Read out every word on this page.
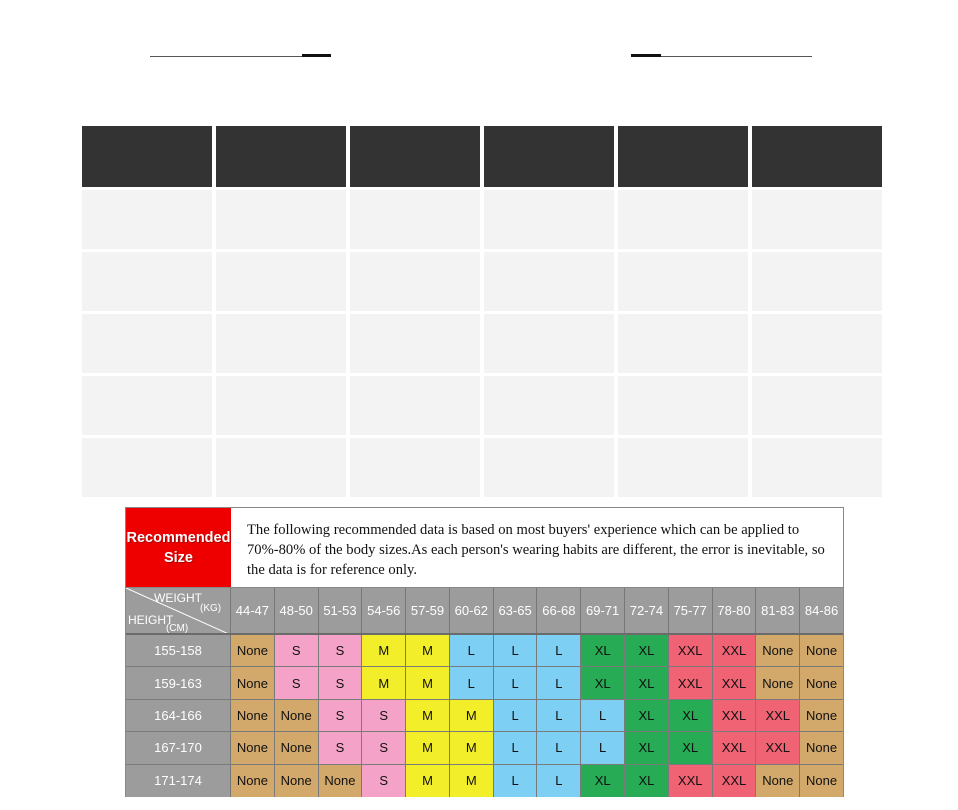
Recommended
Size
The following recommended data is based on most buyers' experience which can be applied to 70%-80% of the body sizes.As each person's wearing habits are different, the error is inevitable, so the data is for reference only.
WEIGHT
(KG)
HEIGHT
(CM)
44-47 48-50 51-53 54-56 57-59 60-62 63-65 66-68 69-71 72-74 75-77 78-80 81-83 84-86
155-158	None	S	S	M	M	L	L	L	XL	XL	XXL	XXL	None None
159-163	None	S	S	M	M	L	L	L	XL	XL	XXL	XXL	None None
164-166	None None	S	S	M	M	L	L	L	XL	XL	XXL	XXL	None
167-170	None None	S	S	M	M	L	L	L	XL	XL	XXL	XXL	None
171-174	None None None	S	M	M	L	L	XL	XL	XXL	XXL	None None
